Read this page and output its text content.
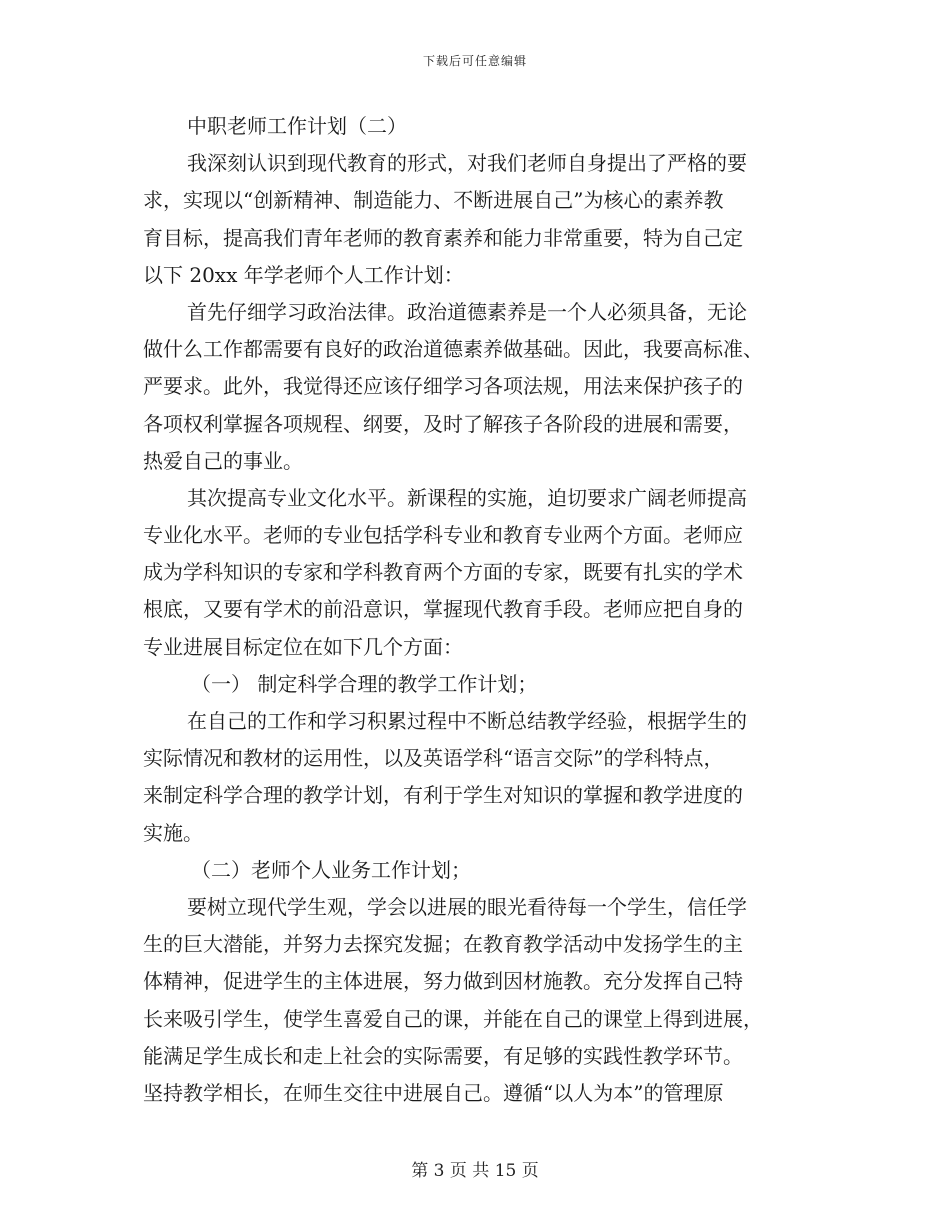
下载后可任意编辑
中职老师工作计划（二）
我深刻认识到现代教育的形式，对我们老师自身提出了严格的要
求，实现以“创新精神、制造能力、不断进展自己”为核心的素养教
育目标，提高我们青年老师的教育素养和能力非常重要，特为自己定
以下 20xx 年学老师个人工作计划：
首先仔细学习政治法律。政治道德素养是一个人必须具备，无论
做什么工作都需要有良好的政治道德素养做基础。因此，我要高标准、
严要求。此外，我觉得还应该仔细学习各项法规，用法来保护孩子的
各项权利掌握各项规程、纲要，及时了解孩子各阶段的进展和需要，
热爱自己的事业。
其次提高专业文化水平。新课程的实施，迫切要求广阔老师提高
专业化水平。老师的专业包括学科专业和教育专业两个方面。老师应
成为学科知识的专家和学科教育两个方面的专家，既要有扎实的学术
根底，又要有学术的前沿意识，掌握现代教育手段。老师应把自身的
专业进展目标定位在如下几个方面：
（一） 制定科学合理的教学工作计划；
在自己的工作和学习积累过程中不断总结教学经验，根据学生的
实际情况和教材的运用性，以及英语学科“语言交际”的学科特点，
来制定科学合理的教学计划，有利于学生对知识的掌握和教学进度的
实施。
（二）老师个人业务工作计划；
要树立现代学生观，学会以进展的眼光看待每一个学生，信任学
生的巨大潜能，并努力去探究发掘；在教育教学活动中发扬学生的主
体精神，促进学生的主体进展，努力做到因材施教。充分发挥自己特
长来吸引学生，使学生喜爱自己的课，并能在自己的课堂上得到进展，
能满足学生成长和走上社会的实际需要，有足够的实践性教学环节。
坚持教学相长，在师生交往中进展自己。遵循“以人为本”的管理原
第 3 页 共 15 页
